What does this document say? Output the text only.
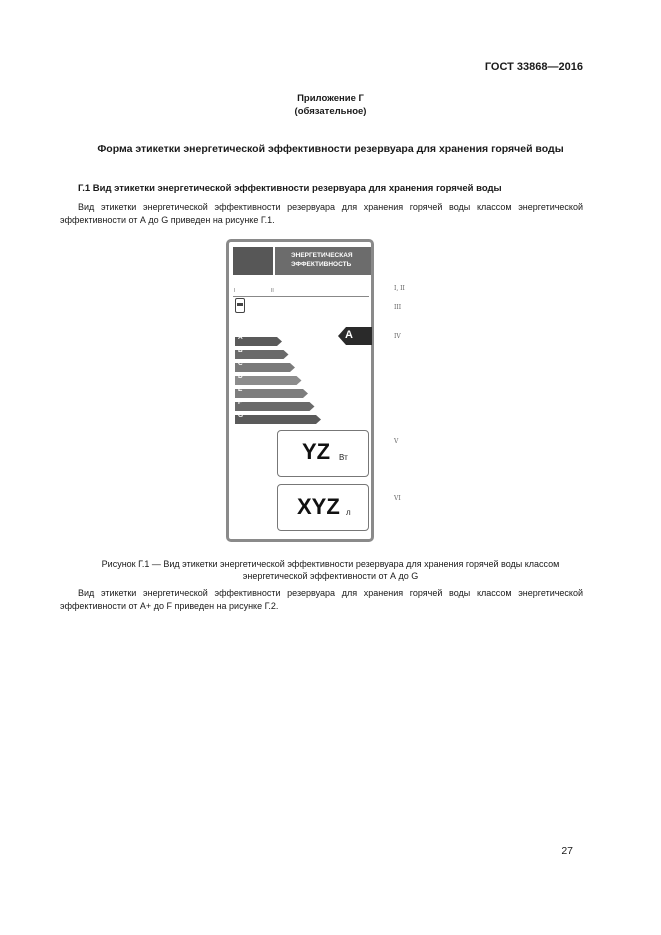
ГОСТ 33868—2016
Приложение Г
(обязательное)
Форма этикетки энергетической эффективности резервуара для хранения горячей воды
Г.1 Вид этикетки энергетической эффективности резервуара для хранения горячей воды
Вид этикетки энергетической эффективности резервуара для хранения горячей воды классом энергетической эффективности от А до G приведен на рисунке Г.1.
ЭНЕРГЕТИЧЕСКАЯ
ЭФФЕКТИВНОСТЬ
I	II
A
B
C
D
E
F
G
A
YZ Вт
XYZ л
I, II
III
IV
V
VI
Рисунок Г.1 — Вид этикетки энергетической эффективности резервуара для хранения горячей воды классом
энергетической эффективности от А до G
Вид этикетки энергетической эффективности резервуара для хранения горячей воды классом энергетической эффективности от А+ до F приведен на рисунке Г.2.
27
